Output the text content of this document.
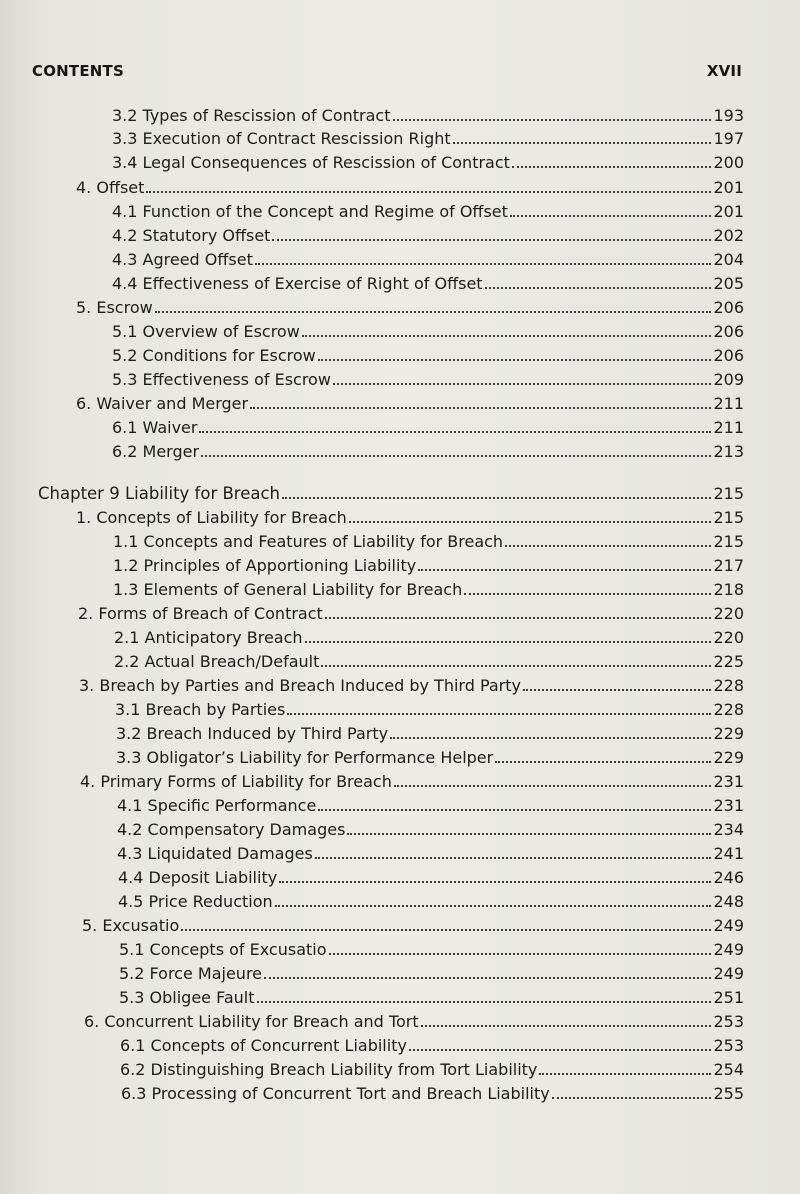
CONTENTS	XVII
3.2 Types of Rescission of Contract	193
3.3 Execution of Contract Rescission Right	197
3.4 Legal Consequences of Rescission of Contract	200
4. Offset	201
4.1 Function of the Concept and Regime of Offset	201
4.2 Statutory Offset	202
4.3 Agreed Offset	204
4.4 Effectiveness of Exercise of Right of Offset	205
5. Escrow	206
5.1 Overview of Escrow	206
5.2 Conditions for Escrow	206
5.3 Effectiveness of Escrow	209
6. Waiver and Merger	211
6.1 Waiver	211
6.2 Merger	213
Chapter 9 Liability for Breach	215
1. Concepts of Liability for Breach	215
1.1 Concepts and Features of Liability for Breach	215
1.2 Principles of Apportioning Liability	217
1.3 Elements of General Liability for Breach	218
2. Forms of Breach of Contract	220
2.1 Anticipatory Breach	220
2.2 Actual Breach/Default	225
3. Breach by Parties and Breach Induced by Third Party	228
3.1 Breach by Parties	228
3.2 Breach Induced by Third Party	229
3.3 Obligator’s Liability for Performance Helper	229
4. Primary Forms of Liability for Breach	231
4.1 Specific Performance	231
4.2 Compensatory Damages	234
4.3 Liquidated Damages	241
4.4 Deposit Liability	246
4.5 Price Reduction	248
5. Excusatio	249
5.1 Concepts of Excusatio	249
5.2 Force Majeure	249
5.3 Obligee Fault	251
6. Concurrent Liability for Breach and Tort	253
6.1 Concepts of Concurrent Liability	253
6.2 Distinguishing Breach Liability from Tort Liability	254
6.3 Processing of Concurrent Tort and Breach Liability	255
